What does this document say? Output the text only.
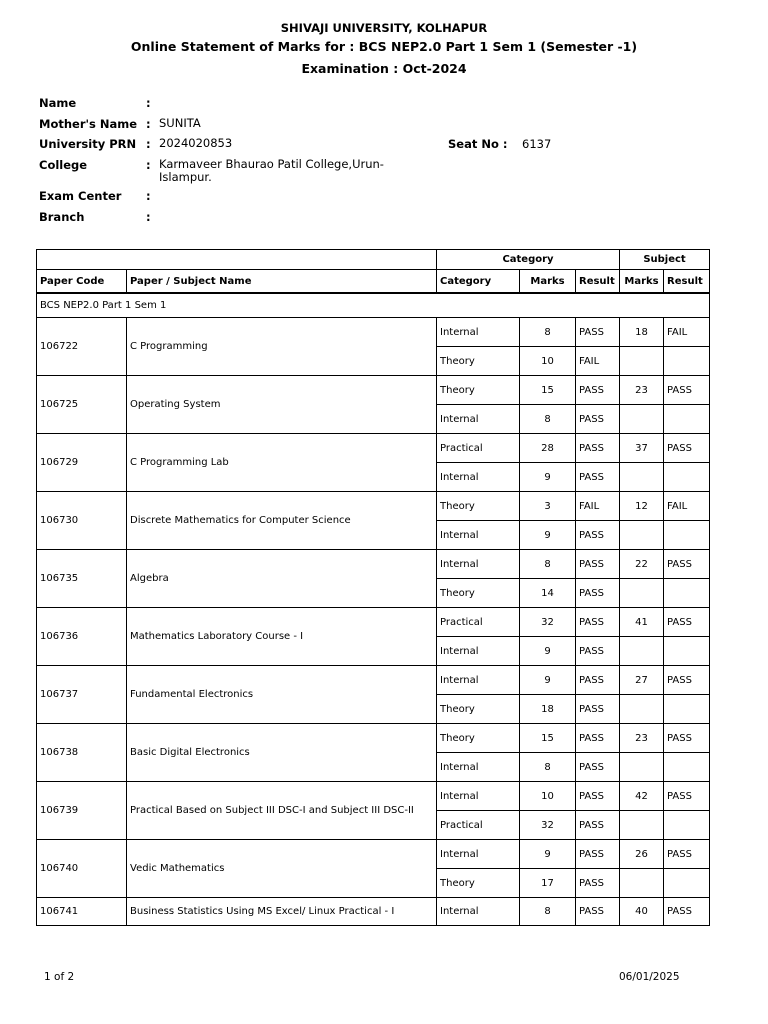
SHIVAJI UNIVERSITY, KOLHAPUR
Online Statement of Marks for : BCS NEP2.0 Part 1 Sem 1 (Semester -1)
Examination : Oct-2024
Name	:
Mother's Name : SUNITA
University PRN : 2024020853	Seat No : 6137
College	: Karmaveer Bhaurao Patil College,Urun-Islampur.
Exam Center :
Branch	:
		Category			Subject	
Paper Code	Paper / Subject Name	Category	Marks	Result	Marks	Result
BCS NEP2.0 Part 1 Sem 1						
106722	C Programming	Internal	8	PASS	18	FAIL
		Theory	10	FAIL		
106725	Operating System	Theory	15	PASS	23	PASS
		Internal	8	PASS		
106729	C Programming Lab	Practical	28	PASS	37	PASS
		Internal	9	PASS		
106730	Discrete Mathematics for Computer Science	Theory	3	FAIL	12	FAIL
		Internal	9	PASS		
106735	Algebra	Internal	8	PASS	22	PASS
		Theory	14	PASS		
106736	Mathematics Laboratory Course - I	Practical	32	PASS	41	PASS
		Internal	9	PASS		
106737	Fundamental Electronics	Internal	9	PASS	27	PASS
		Theory	18	PASS		
106738	Basic Digital Electronics	Theory	15	PASS	23	PASS
		Internal	8	PASS		
106739	Practical Based on Subject III DSC-I and Subject III DSC-II	Internal	10	PASS	42	PASS
		Practical	32	PASS		
106740	Vedic Mathematics	Internal	9	PASS	26	PASS
		Theory	17	PASS		
106741	Business Statistics Using MS Excel/ Linux Practical - I	Internal	8	PASS	40	PASS
1 of 2	06/01/2025
